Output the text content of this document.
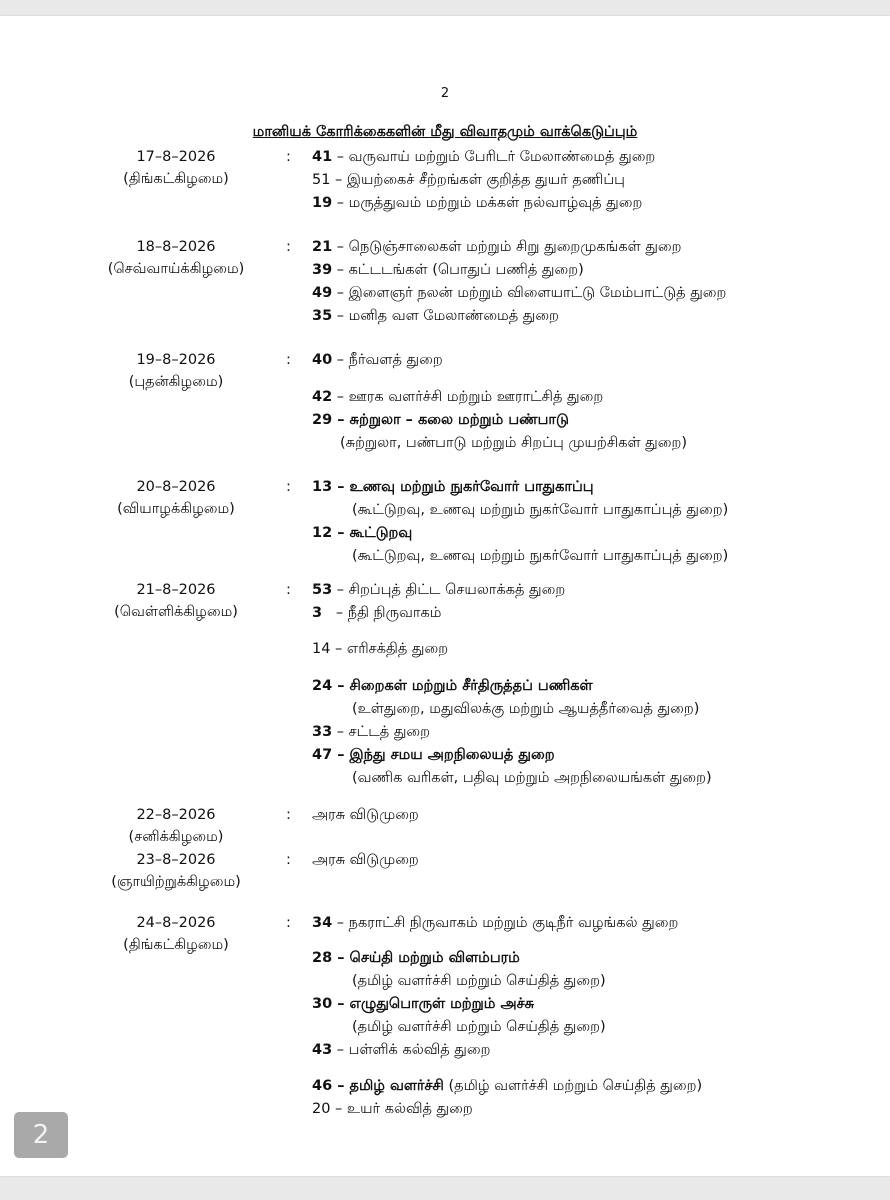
2
மானியக் கோரிக்கைகளின் மீது விவாதமும் வாக்கெடுப்பும்
17–8–2026
(திங்கட்கிழமை)
: 41 – வருவாய் மற்றும் பேரிடர் மேலாண்மைத் துறை
51 – இயற்கைச் சீற்றங்கள் குறித்த துயர் தணிப்பு
19 – மருத்துவம் மற்றும் மக்கள் நல்வாழ்வுத் துறை
18–8–2026
(செவ்வாய்க்கிழமை)
: 21 – நெடுஞ்சாலைகள் மற்றும் சிறு துறைமுகங்கள் துறை
39 – கட்டடங்கள் (பொதுப் பணித் துறை)
49 – இளைஞர் நலன் மற்றும் விளையாட்டு மேம்பாட்டுத் துறை
35 – மனித வள மேலாண்மைத் துறை
19–8–2026
(புதன்கிழமை)
: 40 – நீர்வளத் துறை
42 – ஊரக வளர்ச்சி மற்றும் ஊராட்சித் துறை
29 – சுற்றுலா – கலை மற்றும் பண்பாடு
(சுற்றுலா, பண்பாடு மற்றும் சிறப்பு முயற்சிகள் துறை)
20–8–2026
(வியாழக்கிழமை)
: 13 – உணவு மற்றும் நுகர்வோர் பாதுகாப்பு
(கூட்டுறவு, உணவு மற்றும் நுகர்வோர் பாதுகாப்புத் துறை)
12 – கூட்டுறவு
(கூட்டுறவு, உணவு மற்றும் நுகர்வோர் பாதுகாப்புத் துறை)
21–8–2026
(வெள்ளிக்கிழமை)
: 53 – சிறப்புத் திட்ட செயலாக்கத் துறை
3   – நீதி நிருவாகம்
14 – எரிசக்தித் துறை
24 – சிறைகள் மற்றும் சீர்திருத்தப் பணிகள்
(உள்துறை, மதுவிலக்கு மற்றும் ஆயத்தீர்வைத் துறை)
33 – சட்டத் துறை
47 – இந்து சமய அறநிலையத் துறை
(வணிக வரிகள், பதிவு மற்றும் அறநிலையங்கள் துறை)
22–8–2026
(சனிக்கிழமை)
: அரசு விடுமுறை
23–8–2026
(ஞாயிற்றுக்கிழமை)
: அரசு விடுமுறை
24–8–2026
(திங்கட்கிழமை)
: 34 – நகராட்சி நிருவாகம் மற்றும் குடிநீர் வழங்கல் துறை
28 – செய்தி மற்றும் விளம்பரம்
(தமிழ் வளர்ச்சி மற்றும் செய்தித் துறை)
30 – எழுதுபொருள் மற்றும் அச்சு
(தமிழ் வளர்ச்சி மற்றும் செய்தித் துறை)
43 – பள்ளிக் கல்வித் துறை
46 – தமிழ் வளர்ச்சி (தமிழ் வளர்ச்சி மற்றும் செய்தித் துறை)
20 – உயர் கல்வித் துறை
2
